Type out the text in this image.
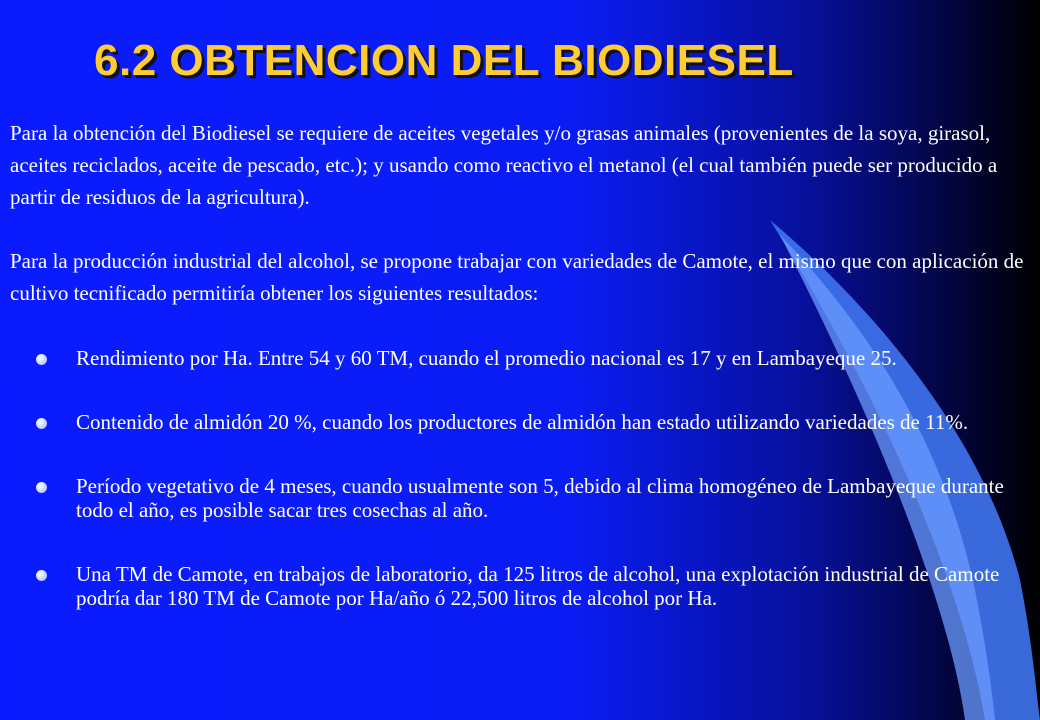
6.2 OBTENCION DEL BIODIESEL

Para la obtención del Biodiesel se requiere de aceites vegetales y/o grasas animales (provenientes de la soya, girasol, aceites reciclados, aceite de pescado, etc.); y usando como reactivo el metanol (el cual también puede ser producido a partir de residuos de la agricultura).

Para la producción industrial del alcohol, se propone trabajar con variedades de Camote, el mismo que con aplicación de cultivo tecnificado permitiría obtener los siguientes resultados:

Rendimiento por Ha. Entre 54 y 60 TM, cuando el promedio nacional es 17 y en Lambayeque 25.
Contenido de almidón 20 %, cuando los productores de almidón han estado utilizando variedades de 11%.
Período vegetativo de 4 meses, cuando usualmente son 5, debido al clima homogéneo de Lambayeque durante todo el año, es posible sacar tres cosechas al año.
Una TM de Camote, en trabajos de laboratorio, da 125 litros de alcohol, una explotación industrial de Camote podría dar 180 TM de Camote por Ha/año ó 22,500 litros de alcohol por Ha.
